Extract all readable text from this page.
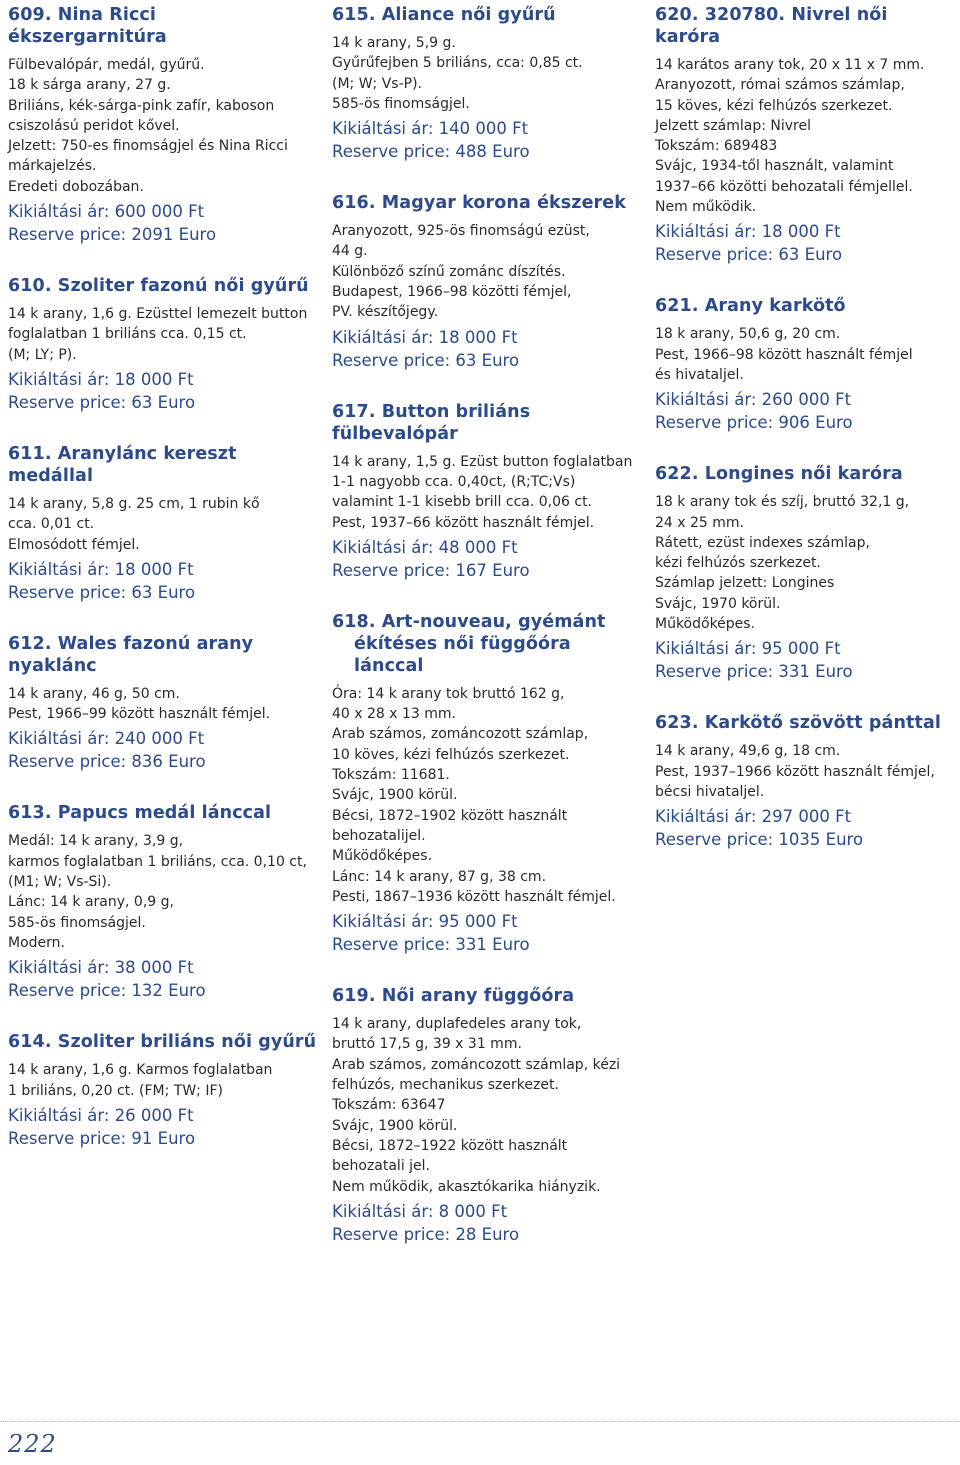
609. Nina Ricci ékszergarnitúra
Fülbevalópár, medál, gyűrű.
18 k sárga arany, 27 g.
Briliáns, kék-sárga-pink zafír, kaboson
csiszolású peridot kővel.
Jelzett: 750-es finomságjel és Nina Ricci
márkajelzés.
Eredeti dobozában.
Kikiáltási ár: 600 000 Ft
Reserve price: 2091 Euro
610. Szoliter fazonú női gyűrű
14 k arany, 1,6 g. Ezüsttel lemezelt button
foglalatban 1 briliáns cca. 0,15 ct.
(M; LY; P).
Kikiáltási ár: 18 000 Ft
Reserve price: 63 Euro
611. Aranylánc kereszt medállal
14 k arany, 5,8 g. 25 cm, 1 rubin kő
cca. 0,01 ct.
Elmosódott fémjel.
Kikiáltási ár: 18 000 Ft
Reserve price: 63 Euro
612. Wales fazonú arany nyaklánc
14 k arany, 46 g, 50 cm.
Pest, 1966–99 között használt fémjel.
Kikiáltási ár: 240 000 Ft
Reserve price: 836 Euro
613. Papucs medál lánccal
Medál: 14 k arany, 3,9 g,
karmos foglalatban 1 briliáns, cca. 0,10 ct,
(M1; W; Vs-Si).
Lánc: 14 k arany, 0,9 g,
585-ös finomságjel.
Modern.
Kikiáltási ár: 38 000 Ft
Reserve price: 132 Euro
614. Szoliter briliáns női gyűrű
14 k arany, 1,6 g. Karmos foglalatban
1 briliáns, 0,20 ct. (FM; TW; IF)
Kikiáltási ár: 26 000 Ft
Reserve price: 91 Euro
615. Aliance női gyűrű
14 k arany, 5,9 g.
Gyűrűfejben 5 briliáns, cca: 0,85 ct.
(M; W; Vs-P).
585-ös finomságjel.
Kikiáltási ár: 140 000 Ft
Reserve price: 488 Euro
616. Magyar korona ékszerek
Aranyozott, 925-ös finomságú ezüst,
44 g.
Különböző színű zománc díszítés.
Budapest, 1966–98 közötti fémjel,
PV. készítőjegy.
Kikiáltási ár: 18 000 Ft
Reserve price: 63 Euro
617. Button briliáns fülbevalópár
14 k arany, 1,5 g. Ezüst button foglalatban
1-1 nagyobb cca. 0,40ct, (R;TC;Vs)
valamint 1-1 kisebb brill cca. 0,06 ct.
Pest, 1937–66 között használt fémjel.
Kikiáltási ár: 48 000 Ft
Reserve price: 167 Euro
618. Art-nouveau, gyémánt
ékítéses női függőóra lánccal
Óra: 14 k arany tok bruttó 162 g,
40 x 28 x 13 mm.
Arab számos, zománcozott számlap,
10 köves, kézi felhúzós szerkezet.
Tokszám: 11681.
Svájc, 1900 körül.
Bécsi, 1872–1902 között használt
behozatalijel.
Működőképes.
Lánc: 14 k arany, 87 g, 38 cm.
Pesti, 1867–1936 között használt fémjel.
Kikiáltási ár: 95 000 Ft
Reserve price: 331 Euro
619. Női arany függőóra
14 k arany, duplafedeles arany tok,
bruttó 17,5 g, 39 x 31 mm.
Arab számos, zománcozott számlap, kézi
felhúzós, mechanikus szerkezet.
Tokszám: 63647
Svájc, 1900 körül.
Bécsi, 1872–1922 között használt
behozatali jel.
Nem működik, akasztókarika hiányzik.
Kikiáltási ár: 8 000 Ft
Reserve price: 28 Euro
620. 320780. Nivrel női karóra
14 karátos arany tok, 20 x 11 x 7 mm.
Aranyozott, római számos számlap,
15 köves, kézi felhúzós szerkezet.
Jelzett számlap: Nivrel
Tokszám: 689483
Svájc, 1934-től használt, valamint
1937–66 közötti behozatali fémjellel.
Nem működik.
Kikiáltási ár: 18 000 Ft
Reserve price: 63 Euro
621. Arany karkötő
18 k arany, 50,6 g, 20 cm.
Pest, 1966–98 között használt fémjel
és hivataljel.
Kikiáltási ár: 260 000 Ft
Reserve price: 906 Euro
622. Longines női karóra
18 k arany tok és szíj, bruttó 32,1 g,
24 x 25 mm.
Rátett, ezüst indexes számlap,
kézi felhúzós szerkezet.
Számlap jelzett: Longines
Svájc, 1970 körül.
Működőképes.
Kikiáltási ár: 95 000 Ft
Reserve price: 331 Euro
623. Karkötő szövött pánttal
14 k arany, 49,6 g, 18 cm.
Pest, 1937–1966 között használt fémjel,
bécsi hivataljel.
Kikiáltási ár: 297 000 Ft
Reserve price: 1035 Euro
222
